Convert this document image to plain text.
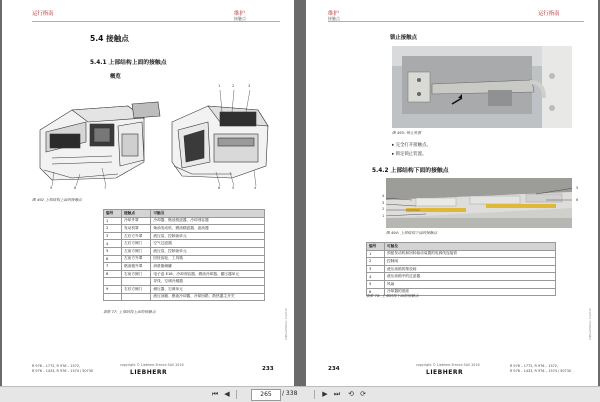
运行指南	维护
接触点
5.4 接触点
5.4.1 上部结构上面的接触点
概览
9	8	7
1	2	3
6	5	4
图 492 上部结构上面的接触点
编号	接触点	可触及
1	冷却外罩	冷却器、燃油预滤器、冷却剂容器
2	发动机罩	柴油发动机、燃油精滤器、滤油器
3	左后方外罩	液压泵、控制油单元
4	左后方侧门	空气过滤器
5	左前方侧门	液压泵、控制油单元
6	左前方外罩	回转齿轮、工具箱
7	燃油箱外罩	润滑脂储罐
8	右前方侧门	电子盒 E16、冷却剂容器、燃油冷却器、蓄压器单元
		导线、空调冷凝器
9	右后方侧门	储压器、空调单元
		液压油箱、燃油冷却器、冷却回路、散热器主开关
表格 77: 上部结构上面的接触点	LHB/en/Edition: 10/2018
R 976 – 1772, R 976 – 1572,
R 976 – 1433, R 976 – 1574 / 50730
copyright © Liebherr-France SAS 2018
LIEBHERR	233
维护
接触点
运行指南
锁止接触点
图 493: 锁止装置
▸ 完全打开接触点。
▸ 锁定锁止装置。
5.4.2 上部结构下面的接触点
4
3
2
1
5
6
图 494: 上部结构下面的接触点
编号	可触及
1	預留发动机和回转驱动装置的电源线连接管
2	控制阀
3	液压油箱的排放阀
4	液压油箱中的过滤器
5	风扇
6	冷却器的底座
表格 78: 上部结构下面的接触点
LHB/en/Edition: 10/2018
234
copyright © Liebherr-France SAS 2018
LIEBHERR
R 976 – 1772, R 976 – 1572,
R 976 – 1433, R 976 – 1574 / 50730
⏮ ◀	265	/ 338	▶ ⏭ ⟲ ⟳
